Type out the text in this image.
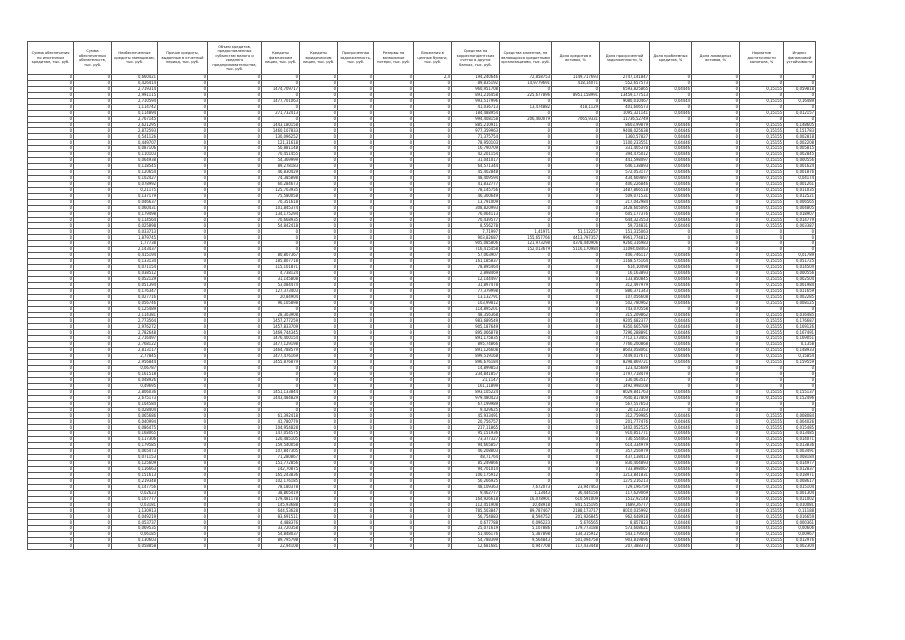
Сумма обеспечения по ипотечным кредитам, тыс. руб.	Сумма обеспеченных обязательств, тыс. руб.	Необеспеченные кредиты заемщикам, тыс. руб.	Прочие кредиты, выданные в отчетный период, тыс. руб.	Объем кредитов, предоставленных субъектам малого и среднего предпринимательства, тыс. руб.	Кредиты физическим лицам, тыс. руб.	Кредиты юридическим лицам, тыс. руб.	Просроченная задолженность, тыс. руб.	Резервы на возможные потери, тыс. руб.	Вложения в ценные бумаги, тыс. руб.	Средства на корреспондентских счетах в других банках, тыс. руб.	Средства клиентов, не являющихся кредитными организациями, тыс. руб.	Доля кредитов в активах, %	Доля просроченной задолженности, %	Доля проблемных кредитов, %	Доля ликвидных активов, %	Норматив достаточности капитала, %	Индекс финансовой устойчивости
0	0	0,660421	0	0	0	0	0	0	2,4	194,240646	72,858753	1149,717693	2747,141847	0	0	0	0
0	0	0,426414	0	0	0	0	0	0	0	89,835192	14,9779691	418,14071	552,657573	0	0	0	0
0	0	2,719314	0	0	1474,709717	0	0	0	0	960,951708	0	0	6593,825865	0,04446	0	0,15155	0,059818
0	0	2,991115	0	0	0	0	0	0	0	891,216458	225,677896	8951,158991	13459,177513	0	0	0	0
0	0	2,710594	0	0	1477,701063	0	0	0	0	993,517996	0	0	9080,010467	0,04444	0	0,15155	0,16489
0	0	1,114742	0	0	0	0	0	0	0	41,036713	13,474882	418,1129	401,606573	0	0	0	0
0	0	0,114894	0	0	271,732413	0	0	0	0	184,488954	0	0	1095,321141	0,04446	0	0,15155	0,012157
0	0	2,767145	0	0	0	0	0	0	0	994,408158	206,460079	7065,9331	11736,52749	0	0	0	0
0	0	2,621295	0	0	1443,180158	0	0	0	0	885,210911	0	0	8603,99879	0,04446	0	0,15155	0,148605
0	0	2,872593	0	0	1460,107833	0	0	0	0	977,359963	0	0	9408,025638	0,04446	0	0,15155	0,151783
0	0	0,541126	0	0	130,096252	0	0	0	0	71,375754	0	0	1360,57827	0,04446	0	0,15155	0,002818
0	0	0,449707	0	0	121,31618	0	0	0	0	78,950103	0	0	1100,233551	0,04446	0	0,15155	0,002208
0	0	0,087106	0	0	50,881148	0	0	0	0	16,790709	0	0	331,405378	0,04446	0	0,15155	0,005815
0	0	0,110103	0	0	70,451455	0	0	0	0	42,201154	0	0	394,475012	0,04446	0	0,15155	0,002845
0	0	0,064938	0	0	54,369999	0	0	0	0	31,041017	0	0	441,598097	0,04446	0	0,15155	0,000556
0	0	0,118545	0	0	89,278183	0	0	0	0	64,571344	0	0	646,138893	0,04446	0	0,15155	0,001624
0	0	0,120654	0	0	46,830429	0	0	0	0	45,402848	0	0	572,053177	0,04446	0	0,15155	0,001876
0	0	0,102427	0	0	74,385898	0	0	0	0	48,409594	0	0	434,669897	0,04446	0	0,15155	0,04174
0	0	0,078992	0	0	60,284673	0	0	0	0	41,832777	0	0	406,226846	0,04446	0	0,15155	0,001261
0	0	0,21175	0	0	125,703935	0	0	0	0	78,145756	0	0	1487,866518	0,04446	0	0,15155	0,011035
0	0	0,137179	0	0	75,580058	0	0	0	0	46,300649	0	0	509,071531	0,04446	0	0,15155	0,012521
0	0	0,046637	0	0	70,351618	0	0	0	0	13,791009	0	0	217,042984	0,04446	0	0,15155	0,006565
0	0	0,060431	0	0	101,845374	0	0	0	0	308,820993	0	0	1428,605095	0,04446	0	0,15155	0,004805
0	0	0,179498	0	0	134,175294	0	0	0	0	76,064113	0	0	605,177376	0,04446	0	0,15155	0,018907
0	0	0,114564	0	0	70,668935	0	0	0	0	70,439577	0	0	644,323553	0,04446	0	0,15155	0,014779
0	0	0,025898	0	0	54,842418	0	0	0	0	8,556278	0	0	59,724831	0,04446	0	0,15155	0,003387
0	0	0,033713	0	0	0	0	0	0	0	7,71997	1,41971	51,112257	151,315063	0	0	0	0
0	0	1,879745	0	0	0	0	0	0	0	903,82687	155,657766	4413,797357	9961,774812	0	0	0	0
0	0	1,77738	0	0	0	0	0	0	0	905,085806	121,973298	4378,440906	9260,316983	0	0	0	0
0	0	2,143437	0	0	0	0	0	0	0	716,415458	152,013679	5116,170984	11094,08463	0	0	0	0
0	0	0,415194	0	0	80,807367	0	0	0	0	57,063907	0	0	406,746117	0,04446	0	0,15155	0,01789
0	0	0,133134	0	0	185,807718	0	0	0	0	161,185837	0	0	1168,575164	0,04446	0	0,15155	0,051725
0	0	0,071154	0	0	115,101871	0	0	0	0	78,895464	0	0	614,10498	0,04446	0	0,15155	0,014504
0	0	0,038512	0	0	4,738124	0	0	0	0	2,898469	0	0	16,163893	0,04446	0	0,15155	0,000556
0	0	0,052129	0	0	31,145808	0	0	0	0	12,144497	0	0	133,850845	0,04446	0	0,15155	0,002504
0	0	0,051394	0	0	53,084474	0	0	0	0	31,897478	0	0	312,497979	0,04446	0	0,15155	0,001984
0	0	0,176347	0	0	127,373403	0	0	0	0	77,379998	0	0	886,371343	0,04446	0	0,15155	0,011659
0	0	0,027716	0	0	20,84904	0	0	0	0	13,132791	0	0	107,056608	0,04446	0	0,15155	0,002285
0	0	0,056746	0	0	96,105898	0	0	0	0	103,99812	0	0	502,780962	0,04446	0	0,15155	0,008125
0	0	0,125489	0	0	0	0	0	0	0	114,895201	0	0	743,070558	0	0	0	0
0	0	2,114381	0	0	28,303908	0	0	0	0	48,356368	0	0	315,209862	0,04446	0	0,15155	0,016485
0	0	2,773564	0	0	1457,277259	0	0	0	0	983,689549	0	0	9205,682377	0,04446	0	0,15155	0,176687
0	0	2,976272	0	0	1457,833709	0	0	0	0	905,187649	0	0	9350,665789	0,04446	0	0,15155	0,169126
0	0	2,782648	0	0	1469,744345	0	0	0	0	895,066878	0	0	7296,288891	0,04446	0	0,15155	0,167491
0	0	2,716497	0	0	1476,400154	0	0	0	0	891,175835	0	0	7712,173461	0,04446	0	0,15155	0,169051
0	0	2,768122	0	0	1477,129198	0	0	0	0	895,74866	0	0	7766,200868	0,04446	0	0,15155	0,1358
0	0	2,813117	0	0	1464,788579	0	0	0	0	891,126608	0	0	8603,058061	0,04446	0	0,15155	0,148933
0	0	2,77845	0	0	1477,476169	0	0	0	0	899,519168	0	0	7449,017671	0,04446	0	0,15155	0,15854
0	0	2,956844	0	0	1455,876879	0	0	0	0	896,676184	0	0	8298,869721	0,04446	0	0,15155	0,159559
0	0	0,06787	0	0	0	0	0	0	0	14,899853	0	0	123,425689	0	0	0	0
0	0	0,161518	0	0	0	0	0	0	0	234,841857	0	0	1797,718479	0	0	0	0
0	0	0,048926	0	0	0	0	0	0	0	21,1147	0	0	130,063517	0	0	0	0
0	0	0,49695	0	0	0	0	0	0	0	161,11899	0	0	1492,998108	0	0	0	0
0	0	2,806036	0	0	1451,133844	0	0	0	0	893,105224	0	0	8029,841763	0,04446	0	0,15155	0,155137
0	0	2,675173	0	0	1443,484829	0	0	0	0	979,480423	0	0	7640,817809	0,04446	0	0,15155	0,152496
0	0	0,104584	0	0	0	0	0	0	0	67,199989	0	0	567,557653	0	0	0	0
0	0	0,028404	0	0	0	0	0	0	0	9,429625	0	0	20,123353	0	0	0	0
0	0	0,065686	0	0	61,392418	0	0	0	0	45,933491	0	0	312,759985	0,04446	0	0,15155	0,008084
0	0	0,040994	0	0	41,780779	0	0	0	0	20,756757	0	0	201,777476	0,04446	0	0,15155	0,004026
0	0	0,086475	0	0	104,954828	0	0	0	0	217,11865	0	0	1402,052525	0,04446	0	0,15155	0,015485
0	0	0,168065	0	0	147,054575	0	0	0	0	95,151936	0	0	910,851771	0,04446	0	0,15155	0,013485
0	0	0,117306	0	0	120,485105	0	0	0	0	73,377327	0	0	730,554463	0,04446	0	0,15155	0,014071
0	0	0,179585	0	0	159,540058	0	0	0	0	94,665857	0	0	614,334979	0,04446	0	0,15155	0,013836
0	0	0,065473	0	0	107,847305	0	0	0	0	46,208803	0	0	357,256979	0,04446	0	0,15155	0,003491
0	0	0,071153	0	0	71,280867	0	0	0	0	48,71764	0	0	437,138413	0,04446	0	0,15155	0,008184
0	0	0,125609	0	0	151,772856	0	0	0	0	85,249866	0	0	830,404893	0,04446	0	0,15155	0,014977
0	0	0,116663	0	0	142,70875	0	0	0	0	94,701014	0	0	733,898067	0,04446	0	0,15155	0,012837
0	0	0,151613	0	0	165,243836	0	0	0	0	106,175912	0	0	1213,841831	0,04446	0	0,15155	0,018971
0	0	0,219348	0	0	102,176185	0	0	0	0	56,266925	0	0	1275,216213	0,04446	0	0,15155	0,008617
0	0	0,147756	0	0	78,180378	0	0	0	0	48,109363	7,672073	23,947463	729,196759	0,04446	0	0,15155	0,015104
0	0	0,02623	0	0	38,865419	0	0	0	0	9,462777	1,13443	36,444156	117,629069	0,04446	0	0,15155	0,001304
0	0	0,107777	0	0	179,481178	0	0	0	0	164,926618	16,478901	610,591009	1512,92148	0,04446	0	0,15155	0,011002
0	0	0,03181	0	0	145,93688	0	0	0	0	112,451908	10,48918	841,515195	1689,26777	0,04446	0	0,15155	0,010081
0	0	1,130913	0	0	644,53628	0	0	0	0	785,503847	89,787467	2188,173717	8010,035992	0,04446	0	0,15155	0,11188
0	0	0,049219	0	0	83,691511	0	0	0	0	56,754883	8,594752	201,926845	962,648918	0,04446	0	0,15155	0,016659
0	0	0,053737	0	0	4,488376	0	0	0	0	0,677788	0,096223	5,676565	8,857823	0,04446	0	0,15155	0,000361
0	0	0,069535	0	0	33,720358	0	0	0	0	25,071619	5,107886	179,773188	573,608621	0,04446	0	0,15155	0,00606
0	0	0,06185	0	0	54,848037	0	0	0	0	51,406176	5,387898	134,315912	543,179504	0,04446	0	0,15155	0,00967
0	0	0,130603	0	0	89,795798	0	0	0	0	54,788399	9,564843	501,094758	903,819896	0,04446	0	0,15155	0,012976
0	0	0,058858	0	0	22,94108	0	0	0	0	12,681681	0,947708	117,433448	207,388373	0,04446	0	0,15155	0,002304
